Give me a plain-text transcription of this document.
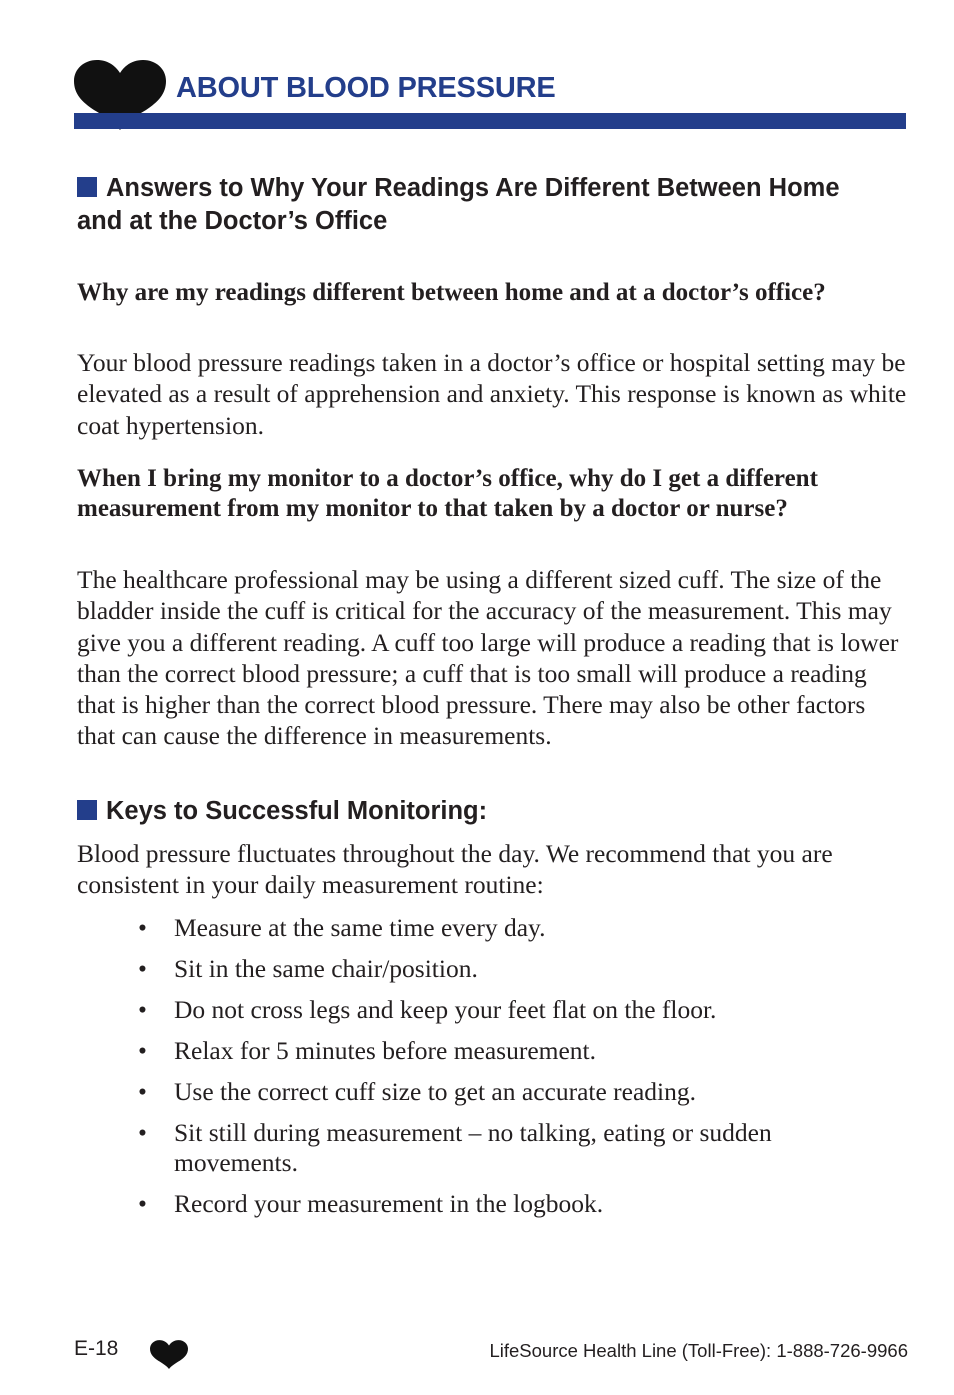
ABOUT BLOOD PRESSURE
Answers to Why Your Readings Are Different Between Home and at the Doctor’s Office
Why are my readings different between home and at a doctor’s office?
Your blood pressure readings taken in a doctor’s office or hospital setting may be elevated as a result of apprehension and anxiety. This response is known as white coat hypertension.
When I bring my monitor to a doctor’s office, why do I get a different measurement from my monitor to that taken by a doctor or nurse?
The healthcare professional may be using a different sized cuff. The size of the bladder inside the cuff is critical for the accuracy of the measurement. This may give you a different reading. A cuff too large will produce a reading that is lower than the correct blood pressure; a cuff that is too small will produce a reading that is higher than the correct blood pressure. There may also be other factors that can cause the difference in measurements.
Keys to Successful Monitoring:
Blood pressure fluctuates throughout the day. We recommend that you are consistent in your daily measurement routine:
• Measure at the same time every day.
• Sit in the same chair/position.
• Do not cross legs and keep your feet flat on the floor.
• Relax for 5 minutes before measurement.
• Use the correct cuff size to get an accurate reading.
• Sit still during measurement – no talking, eating or sudden movements.
• Record your measurement in the logbook.
E-18	LifeSource Health Line (Toll-Free): 1-888-726-9966
